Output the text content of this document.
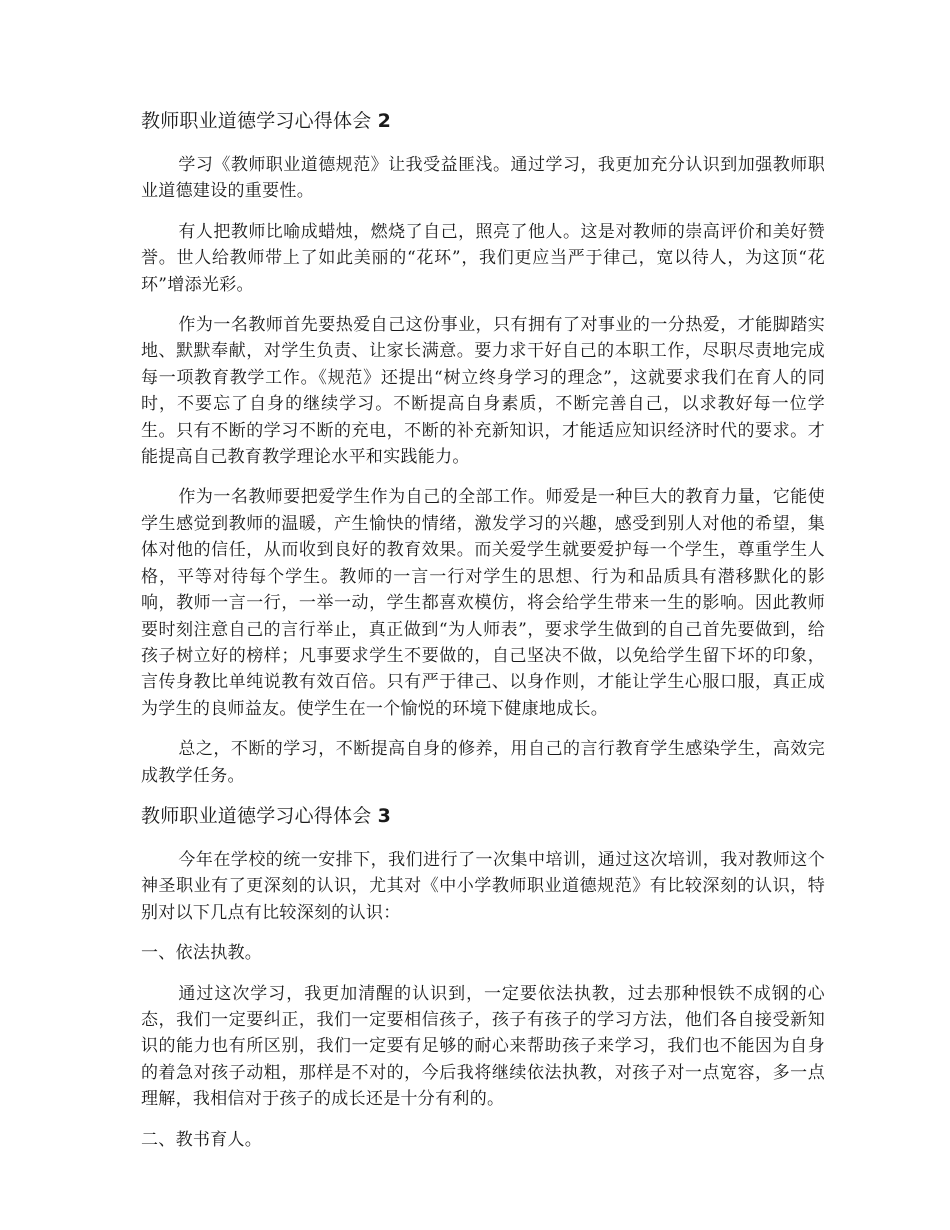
教师职业道德学习心得体会 2

学习《教师职业道德规范》让我受益匪浅。通过学习，我更加充分认识到加强教师职业道德建设的重要性。

有人把教师比喻成蜡烛，燃烧了自己，照亮了他人。这是对教师的崇高评价和美好赞誉。世人给教师带上了如此美丽的“花环”，我们更应当严于律己，宽以待人，为这顶“花环”增添光彩。

作为一名教师首先要热爱自己这份事业，只有拥有了对事业的一分热爱，才能脚踏实地、默默奉献，对学生负责、让家长满意。要力求干好自己的本职工作，尽职尽责地完成每一项教育教学工作。《规范》还提出“树立终身学习的理念”，这就要求我们在育人的同时，不要忘了自身的继续学习。不断提高自身素质，不断完善自己，以求教好每一位学生。只有不断的学习不断的充电，不断的补充新知识，才能适应知识经济时代的要求。才能提高自己教育教学理论水平和实践能力。

作为一名教师要把爱学生作为自己的全部工作。师爱是一种巨大的教育力量，它能使学生感觉到教师的温暖，产生愉快的情绪，激发学习的兴趣，感受到别人对他的希望，集体对他的信任，从而收到良好的教育效果。而关爱学生就要爱护每一个学生，尊重学生人格，平等对待每个学生。教师的一言一行对学生的思想、行为和品质具有潜移默化的影响，教师一言一行，一举一动，学生都喜欢模仿，将会给学生带来一生的影响。因此教师要时刻注意自己的言行举止，真正做到“为人师表”，要求学生做到的自己首先要做到，给孩子树立好的榜样；凡事要求学生不要做的，自己坚决不做，以免给学生留下坏的印象，言传身教比单纯说教有效百倍。只有严于律己、以身作则，才能让学生心服口服，真正成为学生的良师益友。使学生在一个愉悦的环境下健康地成长。

总之，不断的学习，不断提高自身的修养，用自己的言行教育学生感染学生，高效完成教学任务。

教师职业道德学习心得体会 3

今年在学校的统一安排下，我们进行了一次集中培训，通过这次培训，我对教师这个神圣职业有了更深刻的认识，尤其对《中小学教师职业道德规范》有比较深刻的认识，特别对以下几点有比较深刻的认识：

一、依法执教。

通过这次学习，我更加清醒的认识到，一定要依法执教，过去那种恨铁不成钢的心态，我们一定要纠正，我们一定要相信孩子，孩子有孩子的学习方法，他们各自接受新知识的能力也有所区别，我们一定要有足够的耐心来帮助孩子来学习，我们也不能因为自身的着急对孩子动粗，那样是不对的，今后我将继续依法执教，对孩子对一点宽容，多一点理解，我相信对于孩子的成长还是十分有利的。

二、教书育人。
